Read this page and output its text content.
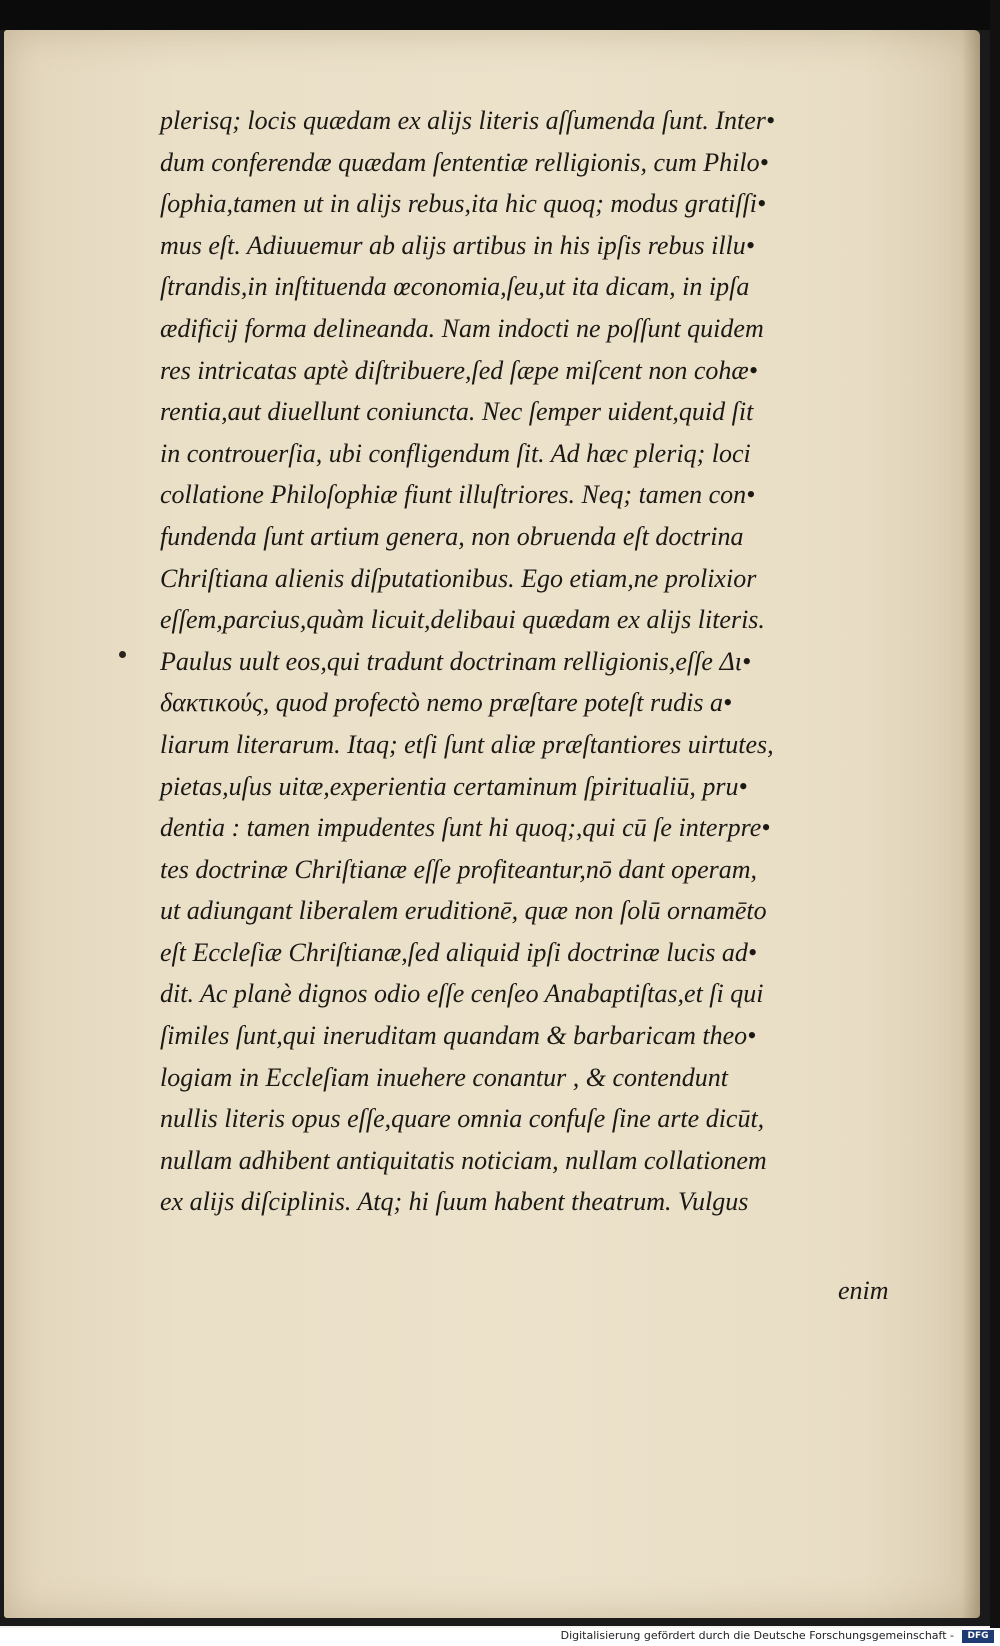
plerisq; locis quædam ex alijs literis aſſumenda ſunt. Inter•
dum conferendæ quædam ſententiæ relligionis, cum Philo•
ſophia,tamen ut in alijs rebus,ita hic quoq; modus gratiſſi•
mus eſt. Adiuuemur ab alijs artibus in his ipſis rebus illu•
ſtrandis,in inſtituenda œconomia,ſeu,ut ita dicam, in ipſa
ædificij forma delineanda. Nam indocti ne poſſunt quidem
res intricatas aptè diſtribuere,ſed ſæpe miſcent non cohæ•
rentia,aut diuellunt coniuncta. Nec ſemper uident,quid ſit
in controuerſia, ubi confligendum ſit. Ad hæc pleriq; loci
collatione Philoſophiæ fiunt illuſtriores. Neq; tamen con•
fundenda ſunt artium genera, non obruenda eſt doctrina
Chriſtiana alienis diſputationibus. Ego etiam,ne prolixior
eſſem,parcius,quàm licuit,delibaui quædam ex alijs literis.
Paulus uult eos,qui tradunt doctrinam relligionis,eſſe Δι•
δακτικούς, quod profectò nemo præſtare poteſt rudis a•
liarum literarum. Itaq; etſi ſunt aliæ præſtantiores uirtutes,
pietas,uſus uitæ,experientia certaminum ſpiritualiū, pru•
dentia : tamen impudentes ſunt hi quoq;,qui cū ſe interpre•
tes doctrinæ Chriſtianæ eſſe profiteantur,nō dant operam,
ut adiungant liberalem eruditionē, quæ non ſolū ornamēto
eſt Eccleſiæ Chriſtianæ,ſed aliquid ipſi doctrinæ lucis ad•
dit. Ac planè dignos odio eſſe cenſeo Anabaptiſtas,et ſi qui
ſimiles ſunt,qui ineruditam quandam & barbaricam theo•
logiam in Eccleſiam inuehere conantur , & contendunt
nullis literis opus eſſe,quare omnia confuſe ſine arte dicūt,
nullam adhibent antiquitatis noticiam, nullam collationem
ex alijs diſciplinis. Atq; hi ſuum habent theatrum. Vulgus
enim
Digitalisierung gefördert durch die Deutsche Forschungsgemeinschaft -	DFG
